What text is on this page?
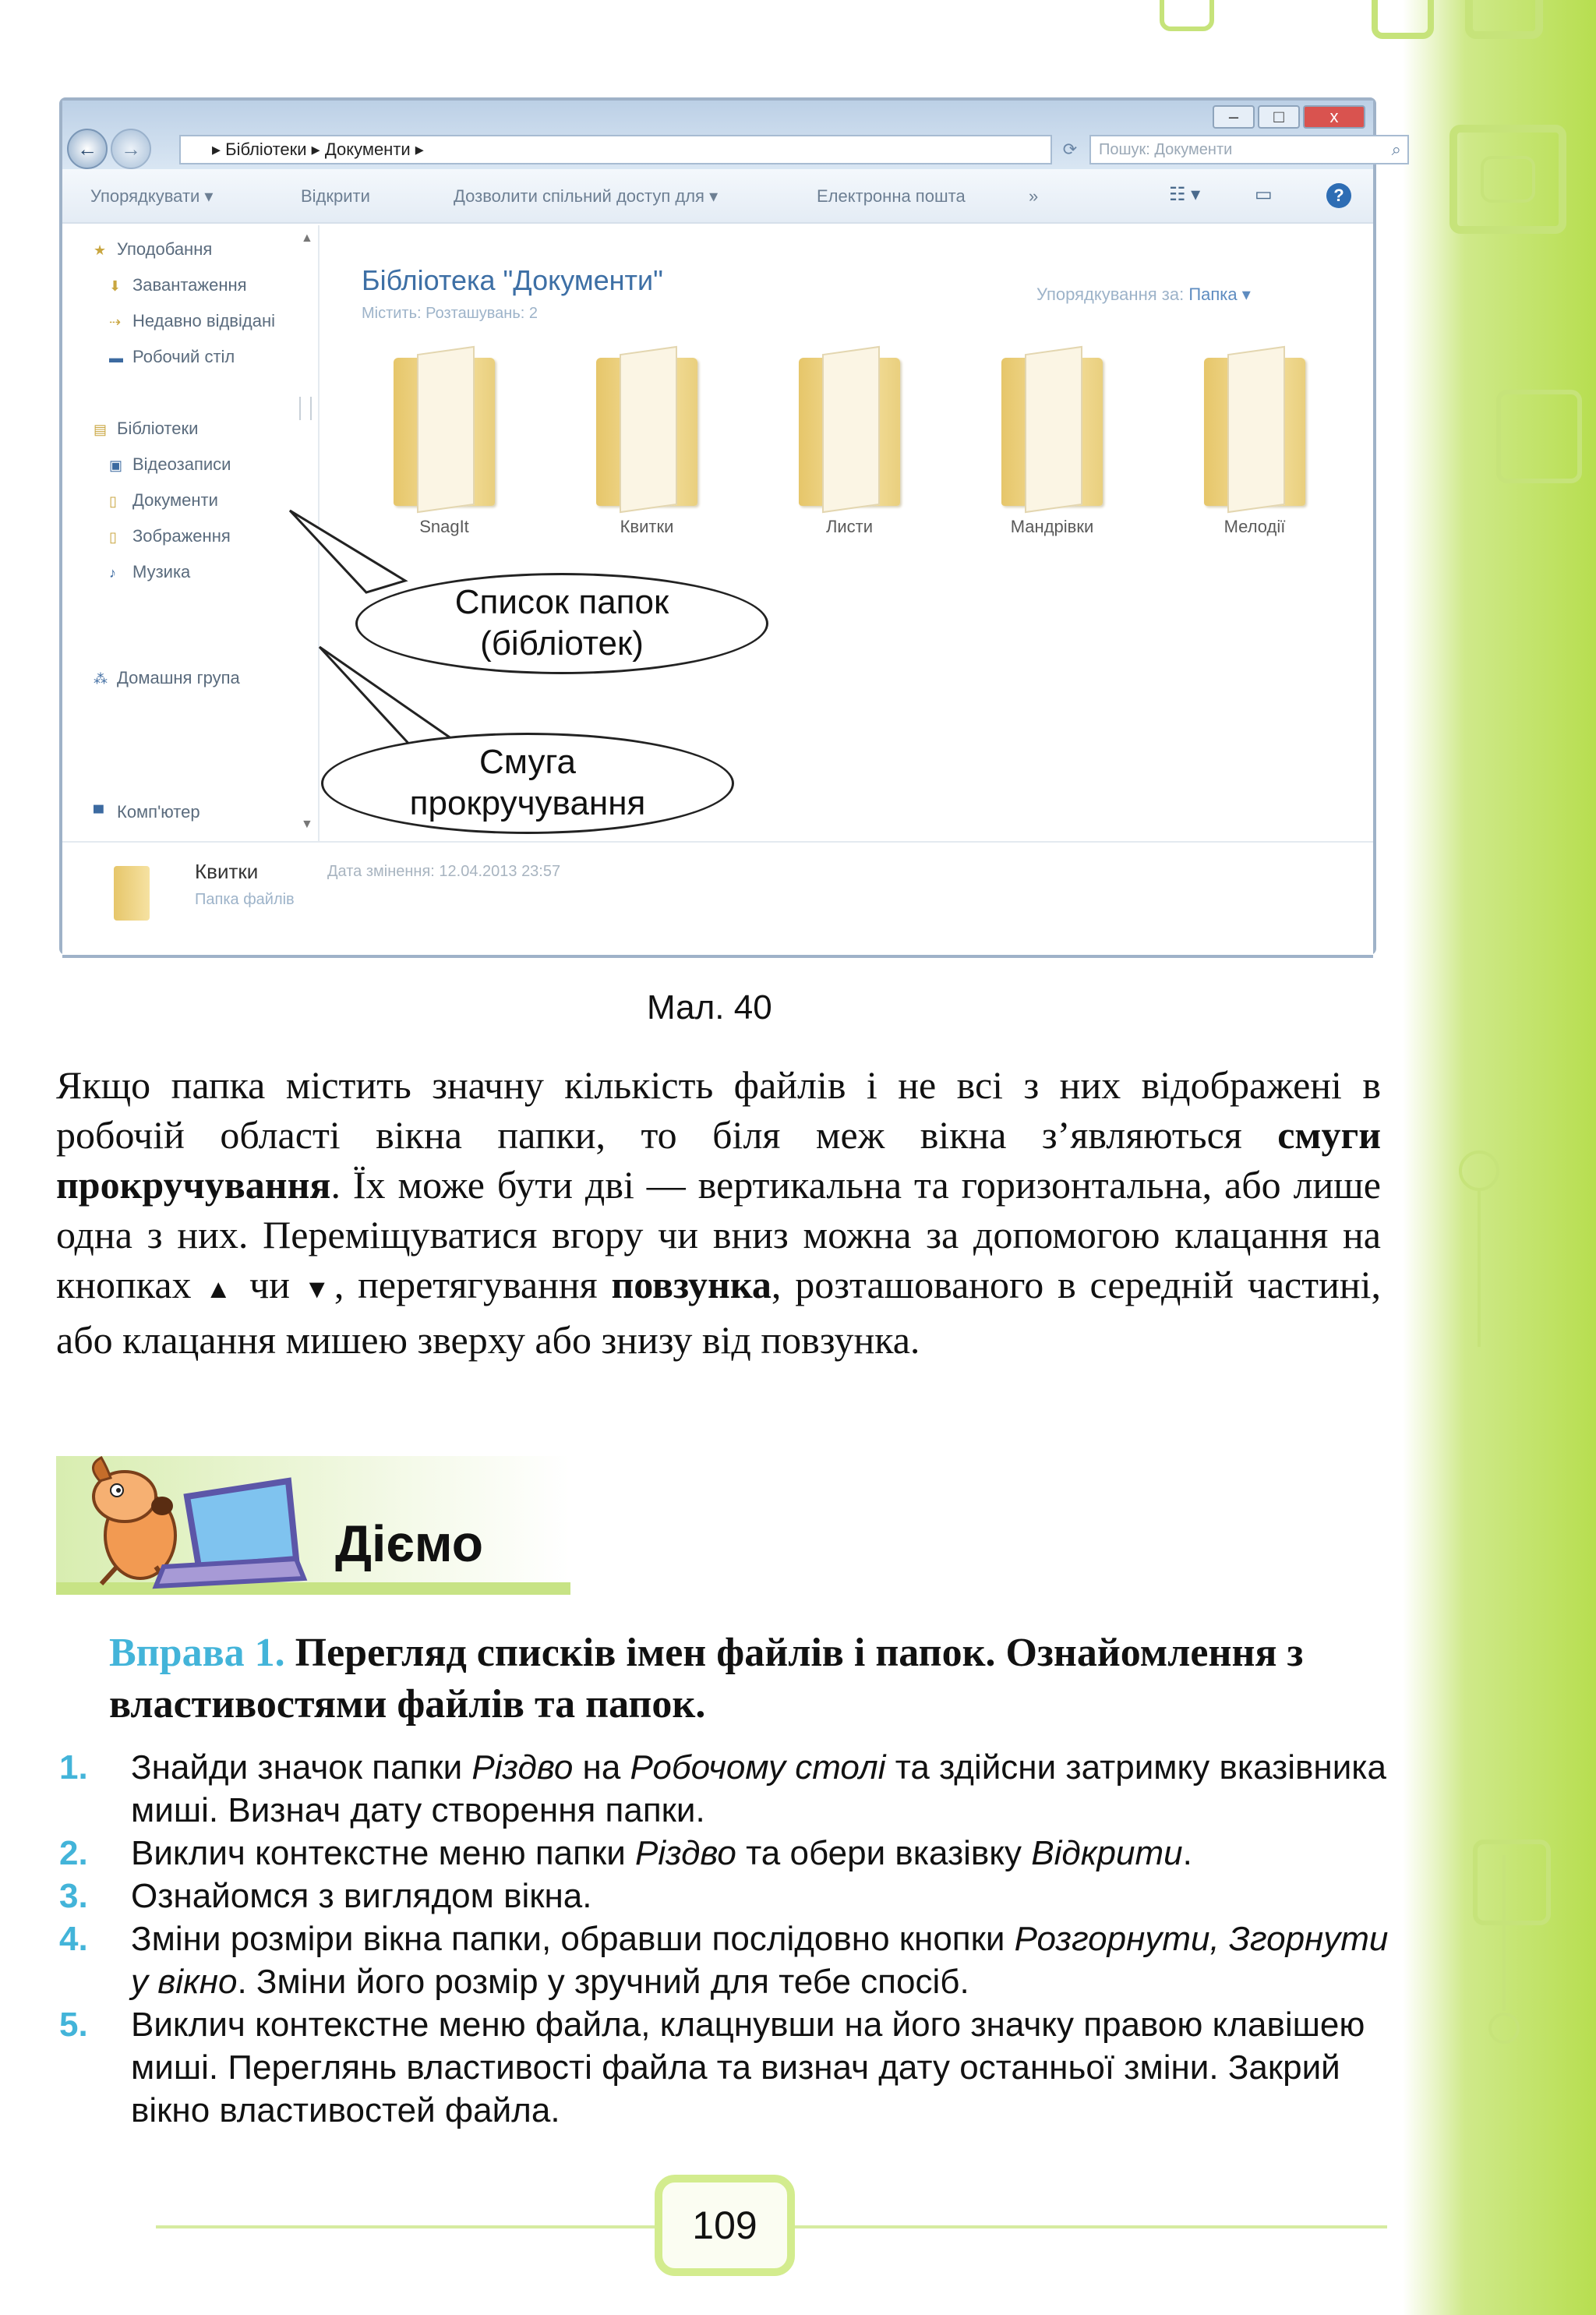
–	□	x
←	→	▸ Бібліотеки ▸ Документи ▸	⟳	Пошук: Документи	⌕
Упорядкувати ▾	Відкрити	Дозволити спільний доступ для ▾	Електронна пошта	»	☷ ▾	▭	?
▲
▼
★ Уподобання
⬇ Завантаження
⇢ Недавно відвідані
▬ Робочий стіл
▤ Бібліотеки
▣ Відеозаписи
▯ Документи
▯ Зображення
♪ Музика
⁂ Домашня група
▀ Комп'ютер
Бібліотека "Документи"
Містить: Розташувань: 2
Упорядкування за: Папка ▾
SnagIt	Квитки	Листи	Мандрівки	Мелодії
Квитки
Папка файлів
Дата змінення: 12.04.2013 23:57
Список папок
(бібліотек)
Смуга
прокручування
Мал. 40
Якщо папка містить значну кількість файлів і не всі з них відображені в робочій області вікна папки, то біля меж вікна з’являються смуги прокручування. Їх може бути дві — вертикальна та горизонтальна, або лише одна з них. Переміщуватися вгору чи вниз можна за допомогою клацання на кнопках ▲ чи ▼, перетягування повзунка, розташованого в середній частині, або клацання мишею зверху або знизу від повзунка.
Діємо
Вправа 1. Перегляд списків імен файлів і папок. Ознайомлення з властивостями файлів та папок.
1.	Знайди значок папки Різдво на Робочому столі та здійсни затримку вказівника миші. Визнач дату створення папки.
2.	Виклич контекстне меню папки Різдво та обери вказівку Відкрити.
3.	Ознайомся з виглядом вікна.
4.	Зміни розміри вікна папки, обравши послідовно кнопки Розгорнути, Згорнути у вікно. Зміни його розмір у зручний для тебе спосіб.
5.	Виклич контекстне меню файла, клацнувши на його значку правою клавішею миші. Переглянь властивості файла та визнач дату останньої зміни. Закрий вікно властивостей файла.
109
